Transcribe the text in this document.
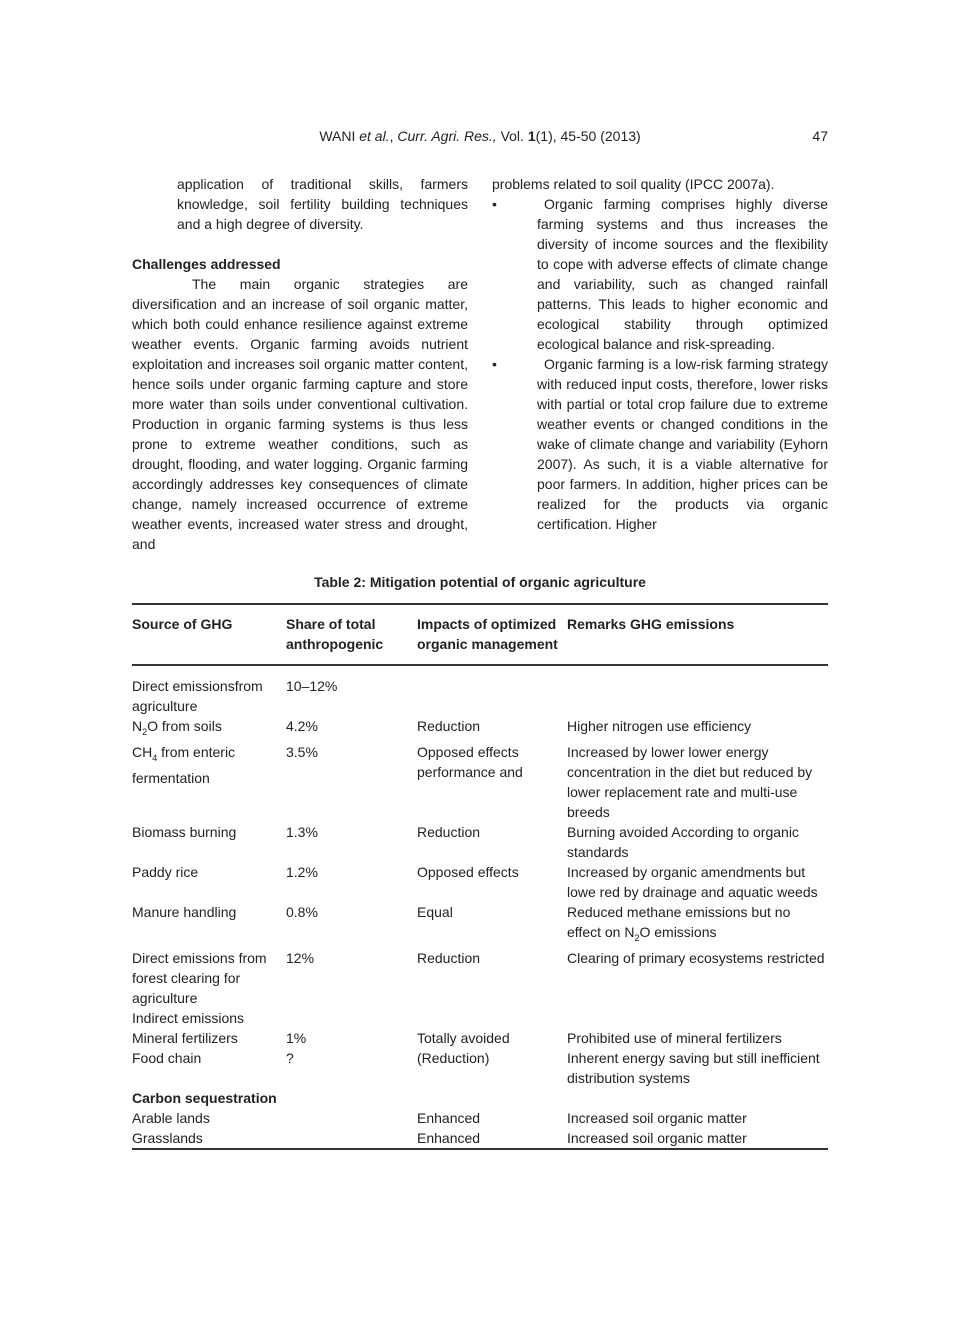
WANI et al., Curr. Agri. Res., Vol. 1(1), 45-50 (2013)	47

application of traditional skills, farmers knowledge, soil fertility building techniques and a high degree of diversity.

Challenges addressed

The main organic strategies are diversification and an increase of soil organic matter, which both could enhance resilience against extreme weather events. Organic farming avoids nutrient exploitation and increases soil organic matter content, hence soils under organic farming capture and store more water than soils under conventional cultivation. Production in organic farming systems is thus less prone to extreme weather conditions, such as drought, flooding, and water logging. Organic farming accordingly addresses key consequences of climate change, namely increased occurrence of extreme weather events, increased water stress and drought, and

problems related to soil quality (IPCC 2007a).

•	Organic farming comprises highly diverse farming systems and thus increases the diversity of income sources and the flexibility to cope with adverse effects of climate change and variability, such as changed rainfall patterns. This leads to higher economic and ecological stability through optimized ecological balance and risk-spreading.
•	Organic farming is a low-risk farming strategy with reduced input costs, therefore, lower risks with partial or total crop failure due to extreme weather events or changed conditions in the wake of climate change and variability (Eyhorn 2007). As such, it is a viable alternative for poor farmers. In addition, higher prices can be realized for the products via organic certification. Higher
Table 2: Mitigation potential of organic agriculture
Source of GHG	Share of total anthropogenic	Impacts of optimized organic management	Remarks GHG emissions
Direct emissionsfrom agriculture	10–12%		
$N_2O$ from soils	4.2%	Reduction	Higher nitrogen use efficiency
$CH_4$ from enteric fermentation	3.5%	Opposed effects performance and	Increased by lower lower energy concentration in the diet but reduced by lower replacement rate and multi-use breeds
Biomass burning	1.3%	Reduction	Burning avoided According to organic standards
Paddy rice	1.2%	Opposed effects	Increased by organic amendments but lowe red by drainage and aquatic weeds
Manure handling	0.8%	Equal	Reduced methane emissions but no effect on $N_2O$ emissions
Direct emissions from forest clearing for agriculture	12%	Reduction	Clearing of primary ecosystems restricted
Indirect emissions			
Mineral fertilizers	1%	Totally avoided	Prohibited use of mineral fertilizers
Food chain	?	(Reduction)	Inherent energy saving but still inefficient distribution systems
Carbon sequestration			
Arable lands		Enhanced	Increased soil organic matter
Grasslands		Enhanced	Increased soil organic matter
